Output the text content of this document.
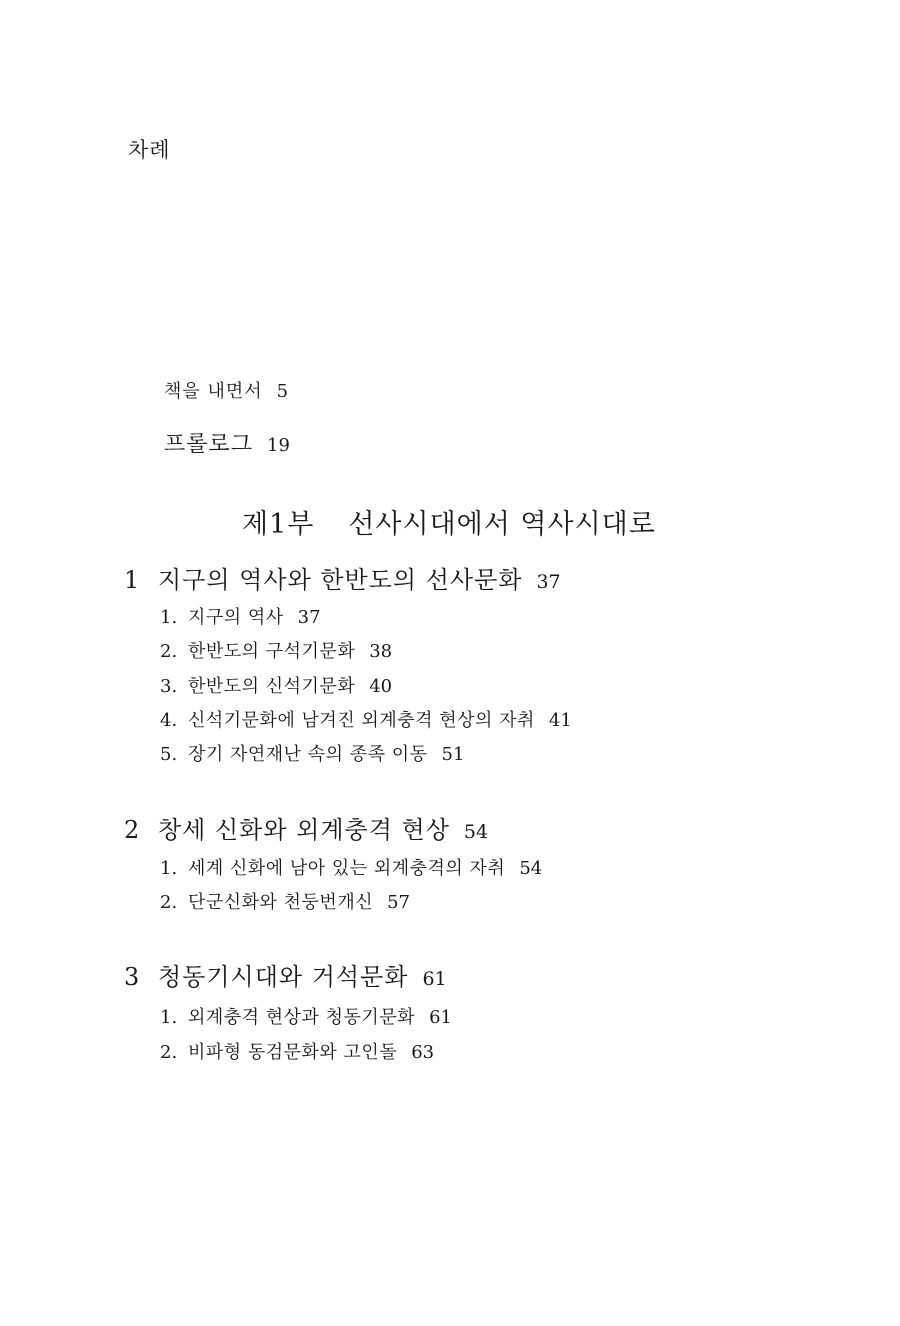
차례
책을 내면서 5
프롤로그 19
제1부 선사시대에서 역사시대로
1 지구의 역사와 한반도의 선사문화 37
1. 지구의 역사 37
2. 한반도의 구석기문화 38
3. 한반도의 신석기문화 40
4. 신석기문화에 남겨진 외계충격 현상의 자취 41
5. 장기 자연재난 속의 종족 이동 51
2 창세 신화와 외계충격 현상 54
1. 세계 신화에 남아 있는 외계충격의 자취 54
2. 단군신화와 천둥번개신 57
3 청동기시대와 거석문화 61
1. 외계충격 현상과 청동기문화 61
2. 비파형 동검문화와 고인돌 63
